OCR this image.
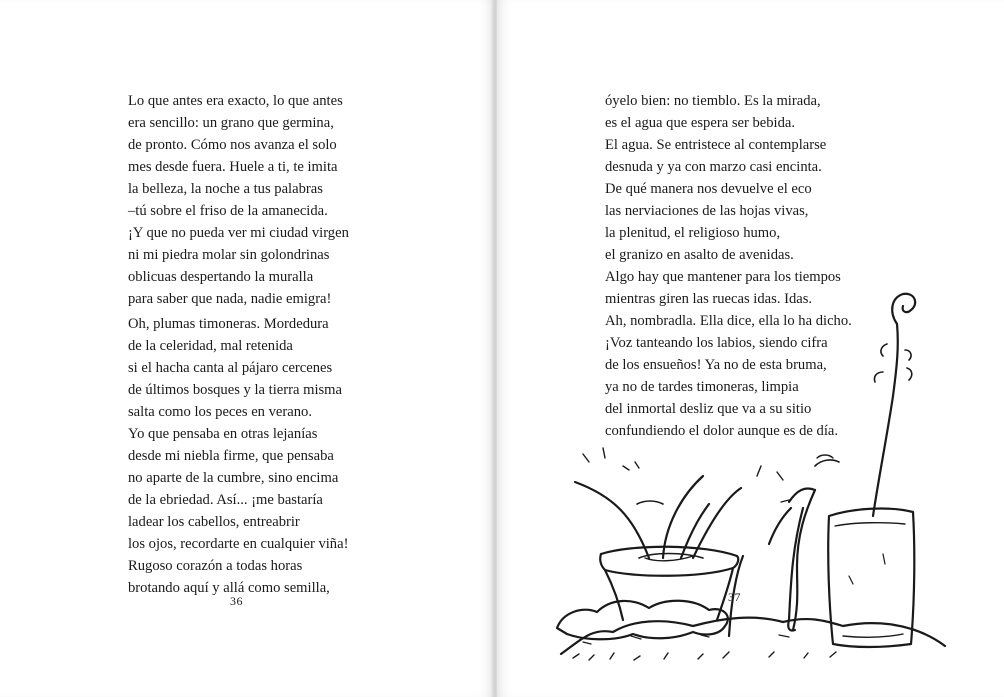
Lo que antes era exacto, lo que antes
era sencillo: un grano que germina,
de pronto. Cómo nos avanza el solo
mes desde fuera. Huele a ti, te imita
la belleza, la noche a tus palabras
–tú sobre el friso de la amanecida.
¡Y que no pueda ver mi ciudad virgen
ni mi piedra molar sin golondrinas
oblicuas despertando la muralla
para saber que nada, nadie emigra!
Oh, plumas timoneras. Mordedura
de la celeridad, mal retenida
si el hacha canta al pájaro cercenes
de últimos bosques y la tierra misma
salta como los peces en verano.
Yo que pensaba en otras lejanías
desde mi niebla firme, que pensaba
no aparte de la cumbre, sino encima
de la ebriedad. Así... ¡me bastaría
ladear los cabellos, entreabrir
los ojos, recordarte en cualquier viña!
Rugoso corazón a todas horas
brotando aquí y allá como semilla,
36
óyelo bien: no tiemblo. Es la mirada,
es el agua que espera ser bebida.
El agua. Se entristece al contemplarse
desnuda y ya con marzo casi encinta.
De qué manera nos devuelve el eco
las nerviaciones de las hojas vivas,
la plenitud, el religioso humo,
el granizo en asalto de avenidas.
Algo hay que mantener para los tiempos
mientras giren las ruecas idas. Idas.
Ah, nombradla. Ella dice, ella lo ha dicho.
¡Voz tanteando los labios, siendo cifra
de los ensueños! Ya no de esta bruma,
ya no de tardes timoneras, limpia
del inmortal desliz que va a su sitio
confundiendo el dolor aunque es de día.
37
